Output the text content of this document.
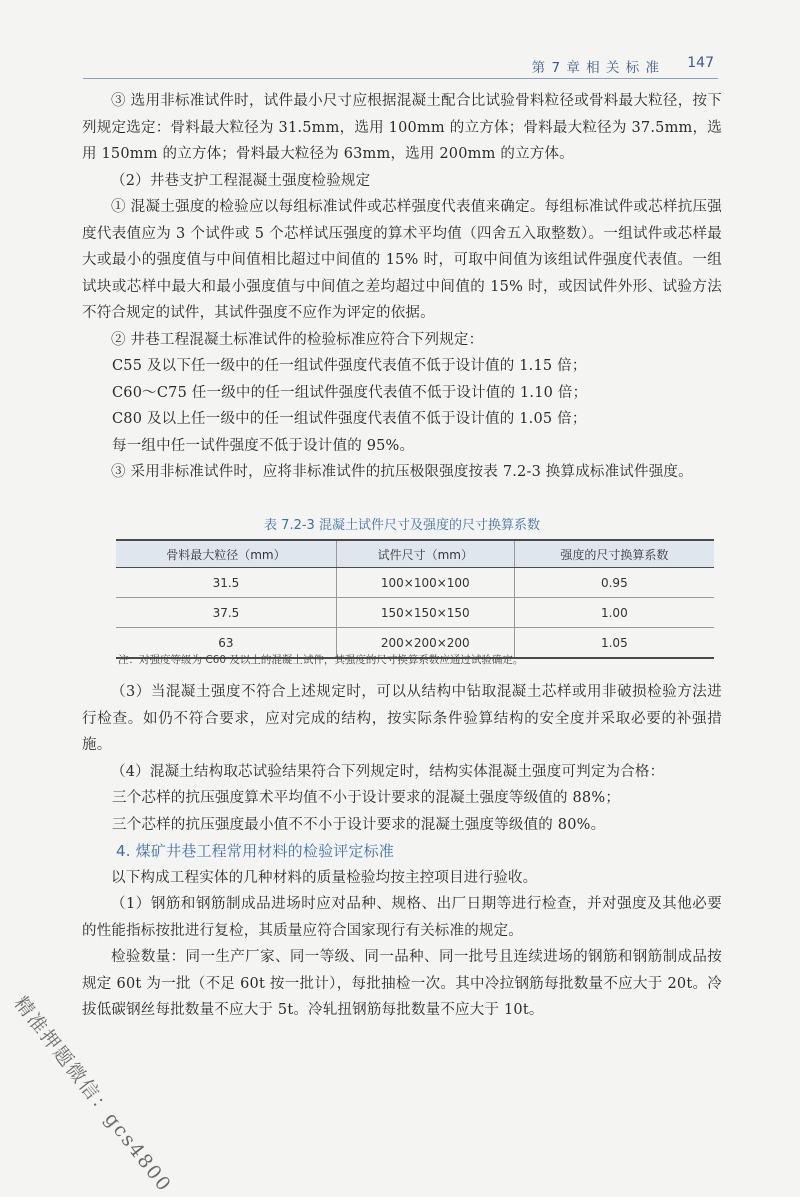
第 7 章 相 关 标 准 147

③ 选用非标准试件时，试件最小尺寸应根据混凝土配合比试验骨料粒径或骨料最大粒径，按下列规定选定：骨料最大粒径为 31.5mm，选用 100mm 的立方体；骨料最大粒径为 37.5mm，选用 150mm 的立方体；骨料最大粒径为 63mm，选用 200mm 的立方体。

（2）井巷支护工程混凝土强度检验规定

① 混凝土强度的检验应以每组标准试件或芯样强度代表值来确定。每组标准试件或芯样抗压强度代表值应为 3 个试件或 5 个芯样试压强度的算术平均值（四舍五入取整数）。一组试件或芯样最大或最小的强度值与中间值相比超过中间值的 15% 时，可取中间值为该组试件强度代表值。一组试块或芯样中最大和最小强度值与中间值之差均超过中间值的 15% 时，或因试件外形、试验方法不符合规定的试件，其试件强度不应作为评定的依据。

② 井巷工程混凝土标准试件的检验标准应符合下列规定：

C55 及以下任一级中的任一组试件强度代表值不低于设计值的 1.15 倍；

C60～C75 任一级中的任一组试件强度代表值不低于设计值的 1.10 倍；

C80 及以上任一级中的任一组试件强度代表值不低于设计值的 1.05 倍；

每一组中任一试件强度不低于设计值的 95%。

③ 采用非标准试件时，应将非标准试件的抗压极限强度按表 7.2-3 换算成标准试件强度。

表 7.2-3 混凝土试件尺寸及强度的尺寸换算系数
骨料最大粒径（mm）	试件尺寸（mm）	强度的尺寸换算系数
31.5	100×100×100	0.95
37.5	150×150×150	1.00
63	200×200×200	1.05
注：对强度等级为 C60 及以上的混凝土试件，其强度的尺寸换算系数应通过试验确定。

（3）当混凝土强度不符合上述规定时，可以从结构中钻取混凝土芯样或用非破损检验方法进行检查。如仍不符合要求，应对完成的结构，按实际条件验算结构的安全度并采取必要的补强措施。

（4）混凝土结构取芯试验结果符合下列规定时，结构实体混凝土强度可判定为合格：

三个芯样的抗压强度算术平均值不小于设计要求的混凝土强度等级值的 88%；

三个芯样的抗压强度最小值不不小于设计要求的混凝土强度等级值的 80%。

4. 煤矿井巷工程常用材料的检验评定标准

以下构成工程实体的几种材料的质量检验均按主控项目进行验收。

（1）钢筋和钢筋制成品进场时应对品种、规格、出厂日期等进行检查，并对强度及其他必要的性能指标按批进行复检，其质量应符合国家现行有关标准的规定。

检验数量：同一生产厂家、同一等级、同一品种、同一批号且连续进场的钢筋和钢筋制成品按规定 60t 为一批（不足 60t 按一批计），每批抽检一次。其中冷拉钢筋每批数量不应大于 20t。冷拔低碳钢丝每批数量不应大于 5t。冷轧扭钢筋每批数量不应大于 10t。

精准押题微信：gcs4800
